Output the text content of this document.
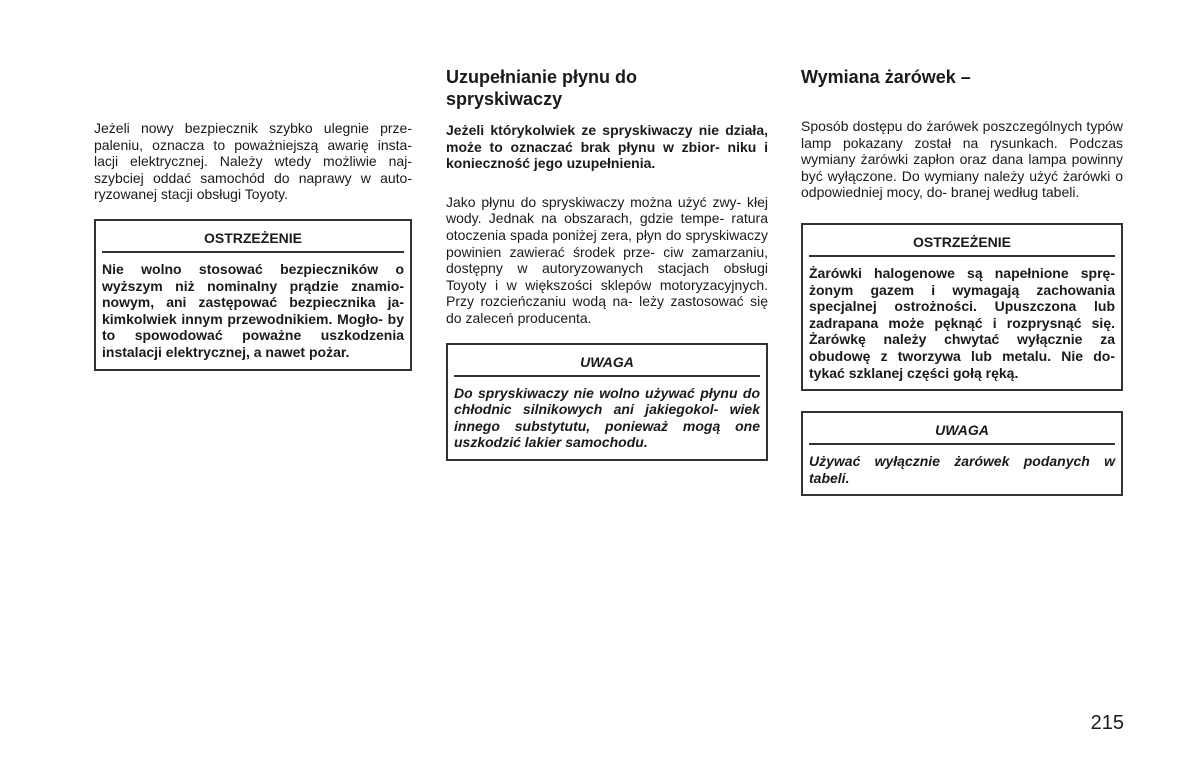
Jeżeli nowy bezpiecznik szybko ulegnie prze- paleniu, oznacza to poważniejszą awarię insta- lacji elektrycznej. Należy wtedy możliwie naj- szybciej oddać samochód do naprawy w auto- ryzowanej stacji obsługi Toyoty.

OSTRZEŻENIE
Nie wolno stosować bezpieczników o wyższym niż nominalny prądzie znamio- nowym, ani zastępować bezpiecznika ja- kimkolwiek innym przewodnikiem. Mogło- by to spowodować poważne uszkodzenia instalacji elektrycznej, a nawet pożar.
Uzupełnianie płynu do spryskiwaczy

Jeżeli którykolwiek ze spryskiwaczy nie działa, może to oznaczać brak płynu w zbior- niku i konieczność jego uzupełnienia.

Jako płynu do spryskiwaczy można użyć zwy- kłej wody. Jednak na obszarach, gdzie tempe- ratura otoczenia spada poniżej zera, płyn do spryskiwaczy powinien zawierać środek prze- ciw zamarzaniu, dostępny w autoryzowanych stacjach obsługi Toyoty i w większości sklepów motoryzacyjnych. Przy rozcieńczaniu wodą na- leży zastosować się do zaleceń producenta.

UWAGA
Do spryskiwaczy nie wolno używać płynu do chłodnic silnikowych ani jakiegokol- wiek innego substytutu, ponieważ mogą one uszkodzić lakier samochodu.
Wymiana żarówek –

Sposób dostępu do żarówek poszczególnych typów lamp pokazany został na rysunkach. Podczas wymiany żarówki zapłon oraz dana lampa powinny być wyłączone. Do wymiany należy użyć żarówki o odpowiedniej mocy, do- branej według tabeli.

OSTRZEŻENIE
Żarówki halogenowe są napełnione sprę- żonym gazem i wymagają zachowania specjalnej ostrożności. Upuszczona lub zadrapana może pęknąć i rozprysnąć się. Żarówkę należy chwytać wyłącznie za obudowę z tworzywa lub metalu. Nie do- tykać szklanej części gołą ręką.
UWAGA
Używać wyłącznie żarówek podanych w tabeli.
215
